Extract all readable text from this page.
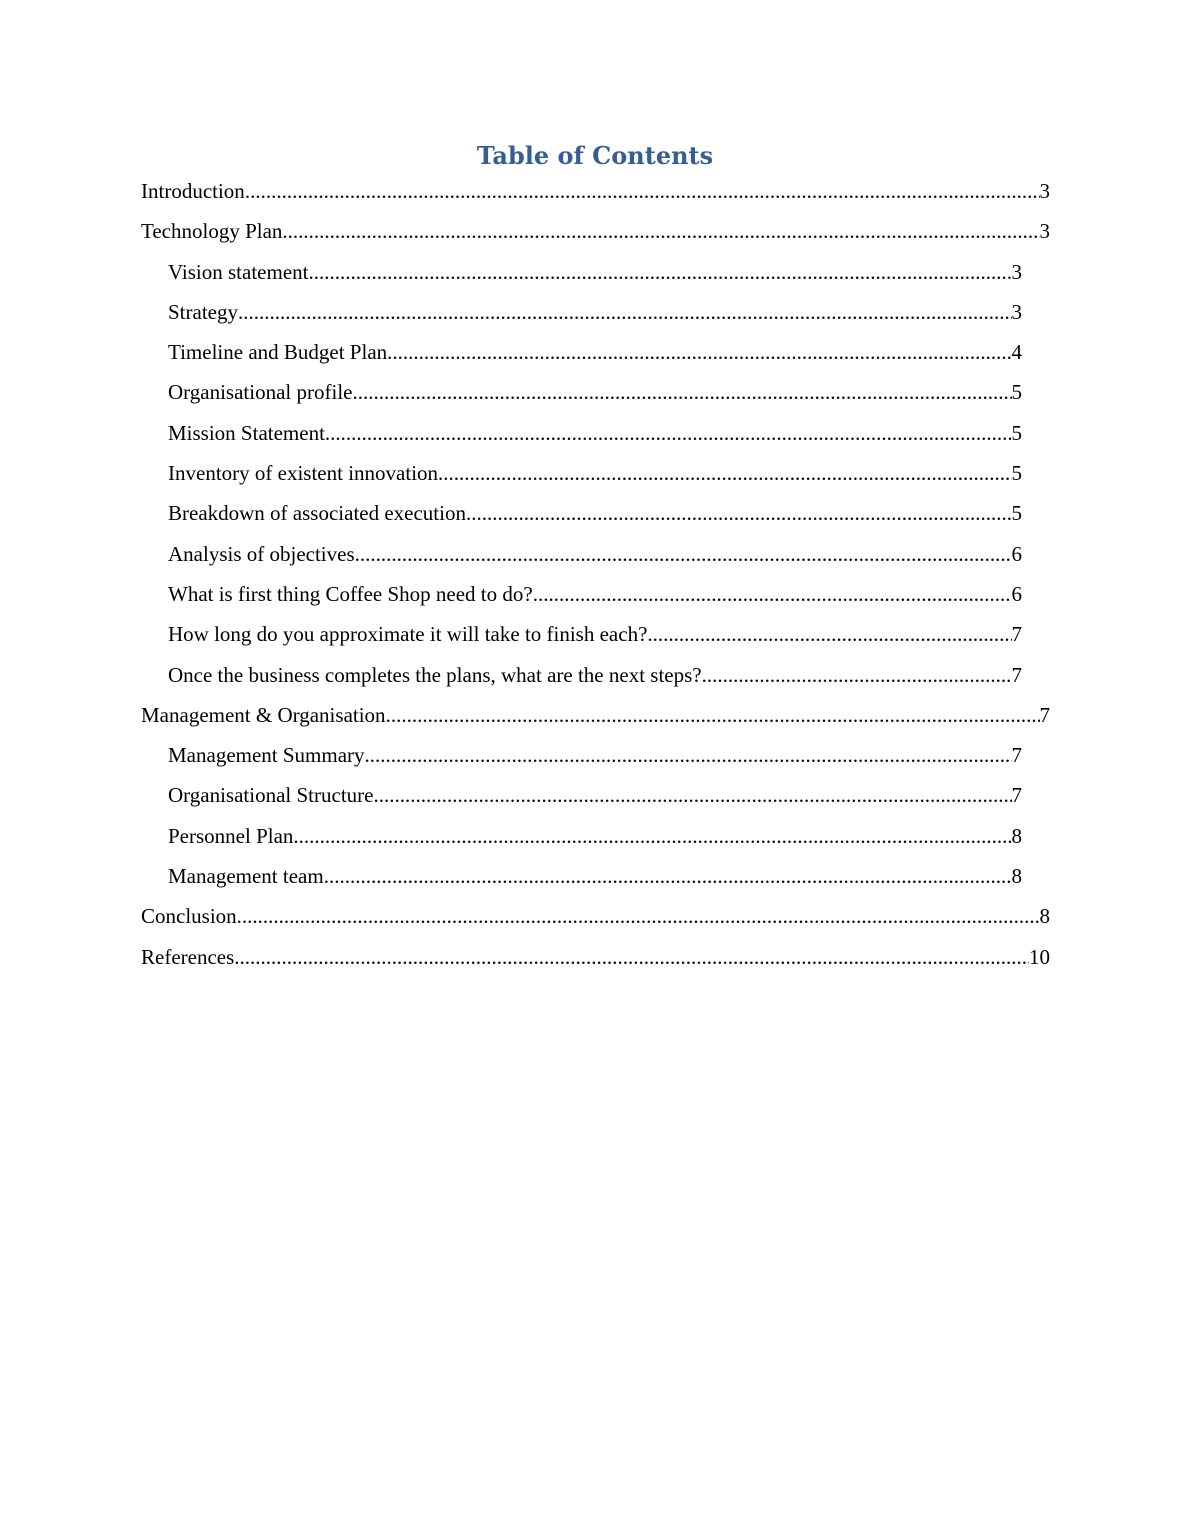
Table of Contents
Introduction .....	3
Technology Plan .....	3
Vision statement .....	3
Strategy .....	3
Timeline and Budget Plan .....	4
Organisational profile .....	5
Mission Statement .....	5
Inventory of existent innovation .....	5
Breakdown of associated execution .....	5
Analysis of objectives .....	6
What is first thing Coffee Shop need to do? .....	6
How long do you approximate it will take to finish each? .....	7
Once the business completes the plans, what are the next steps? .....	7
Management & Organisation .....	7
Management Summary .....	7
Organisational Structure .....	7
Personnel Plan .....	8
Management team .....	8
Conclusion .....	8
References .....	10
